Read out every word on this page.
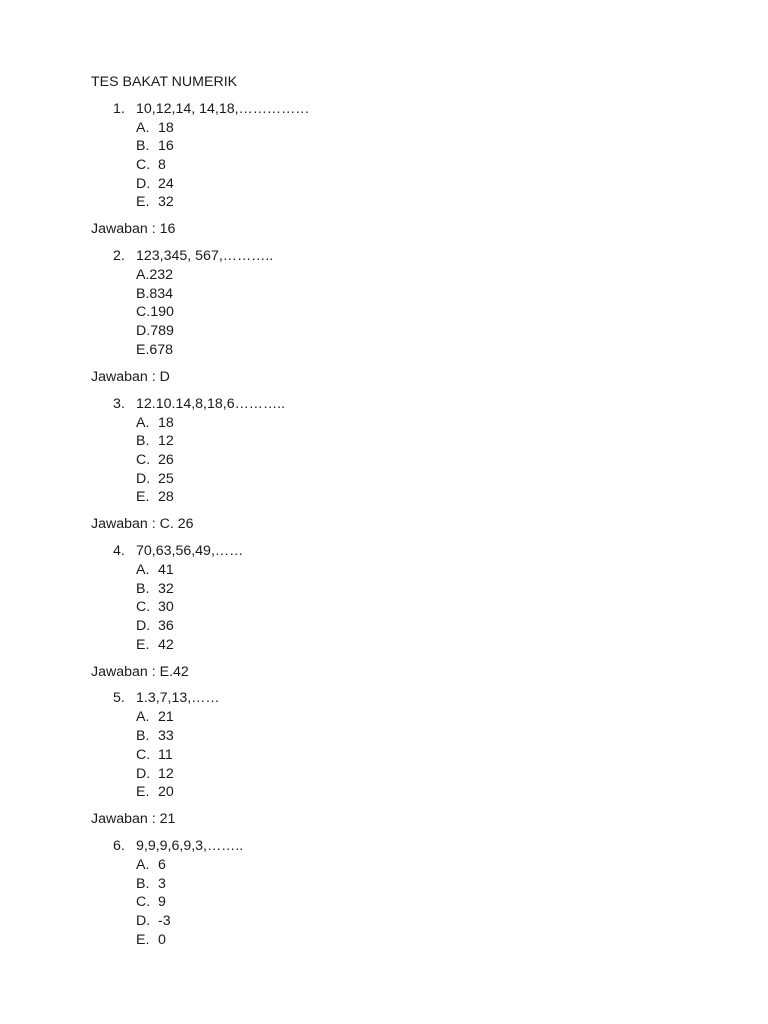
TES BAKAT NUMERIK
1. 10,12,14, 14,18,……………
A. 18
B. 16
C. 8
D. 24
E. 32
Jawaban : 16
2. 123,345, 567,………..
A.232
B.834
C.190
D.789
E.678
Jawaban : D
3. 12.10.14,8,18,6………..
A. 18
B. 12
C. 26
D. 25
E. 28
Jawaban : C. 26
4. 70,63,56,49,……
A. 41
B. 32
C. 30
D. 36
E. 42
Jawaban : E.42
5. 1.3,7,13,……
A. 21
B. 33
C. 11
D. 12
E. 20
Jawaban : 21
6. 9,9,9,6,9,3,……..
A. 6
B. 3
C. 9
D. -3
E. 0
